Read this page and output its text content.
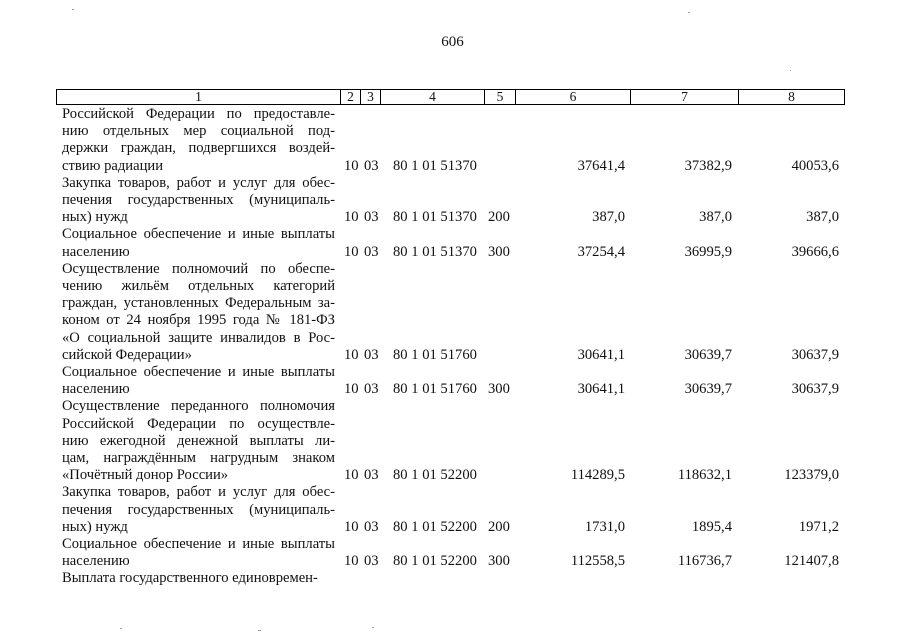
606
1	2 3	4	5	6	7	8
Российской Федерации по предоставле-
нию отдельных мер социальной под-
держки граждан, подвергшихся воздей-
ствию радиации	10 03 80 1 01 51370	37641,4	37382,9	40053,6
Закупка товаров, работ и услуг для обес-
печения государственных (муниципаль-
ных) нужд	10 03 80 1 01 51370 200	387,0	387,0	387,0
Социальное обеспечение и иные выплаты
населению	10 03 80 1 01 51370 300	37254,4	36995,9	39666,6
Осуществление полномочий по обеспе-
чению жильём отдельных категорий
граждан, установленных Федеральным за-
коном от 24 ноября 1995 года № 181-ФЗ
«О социальной защите инвалидов в Рос-
сийской Федерации»	10 03 80 1 01 51760	30641,1	30639,7	30637,9
Социальное обеспечение и иные выплаты
населению	10 03 80 1 01 51760 300	30641,1	30639,7	30637,9
Осуществление переданного полномочия
Российской Федерации по осуществле-
нию ежегодной денежной выплаты ли-
цам, награждённым нагрудным знаком
«Почётный донор России»	10 03 80 1 01 52200	114289,5	118632,1	123379,0
Закупка товаров, работ и услуг для обес-
печения государственных (муниципаль-
ных) нужд	10 03 80 1 01 52200 200	1731,0	1895,4	1971,2
Социальное обеспечение и иные выплаты
населению	10 03 80 1 01 52200 300	112558,5	116736,7	121407,8
Выплата государственного единовремен-
